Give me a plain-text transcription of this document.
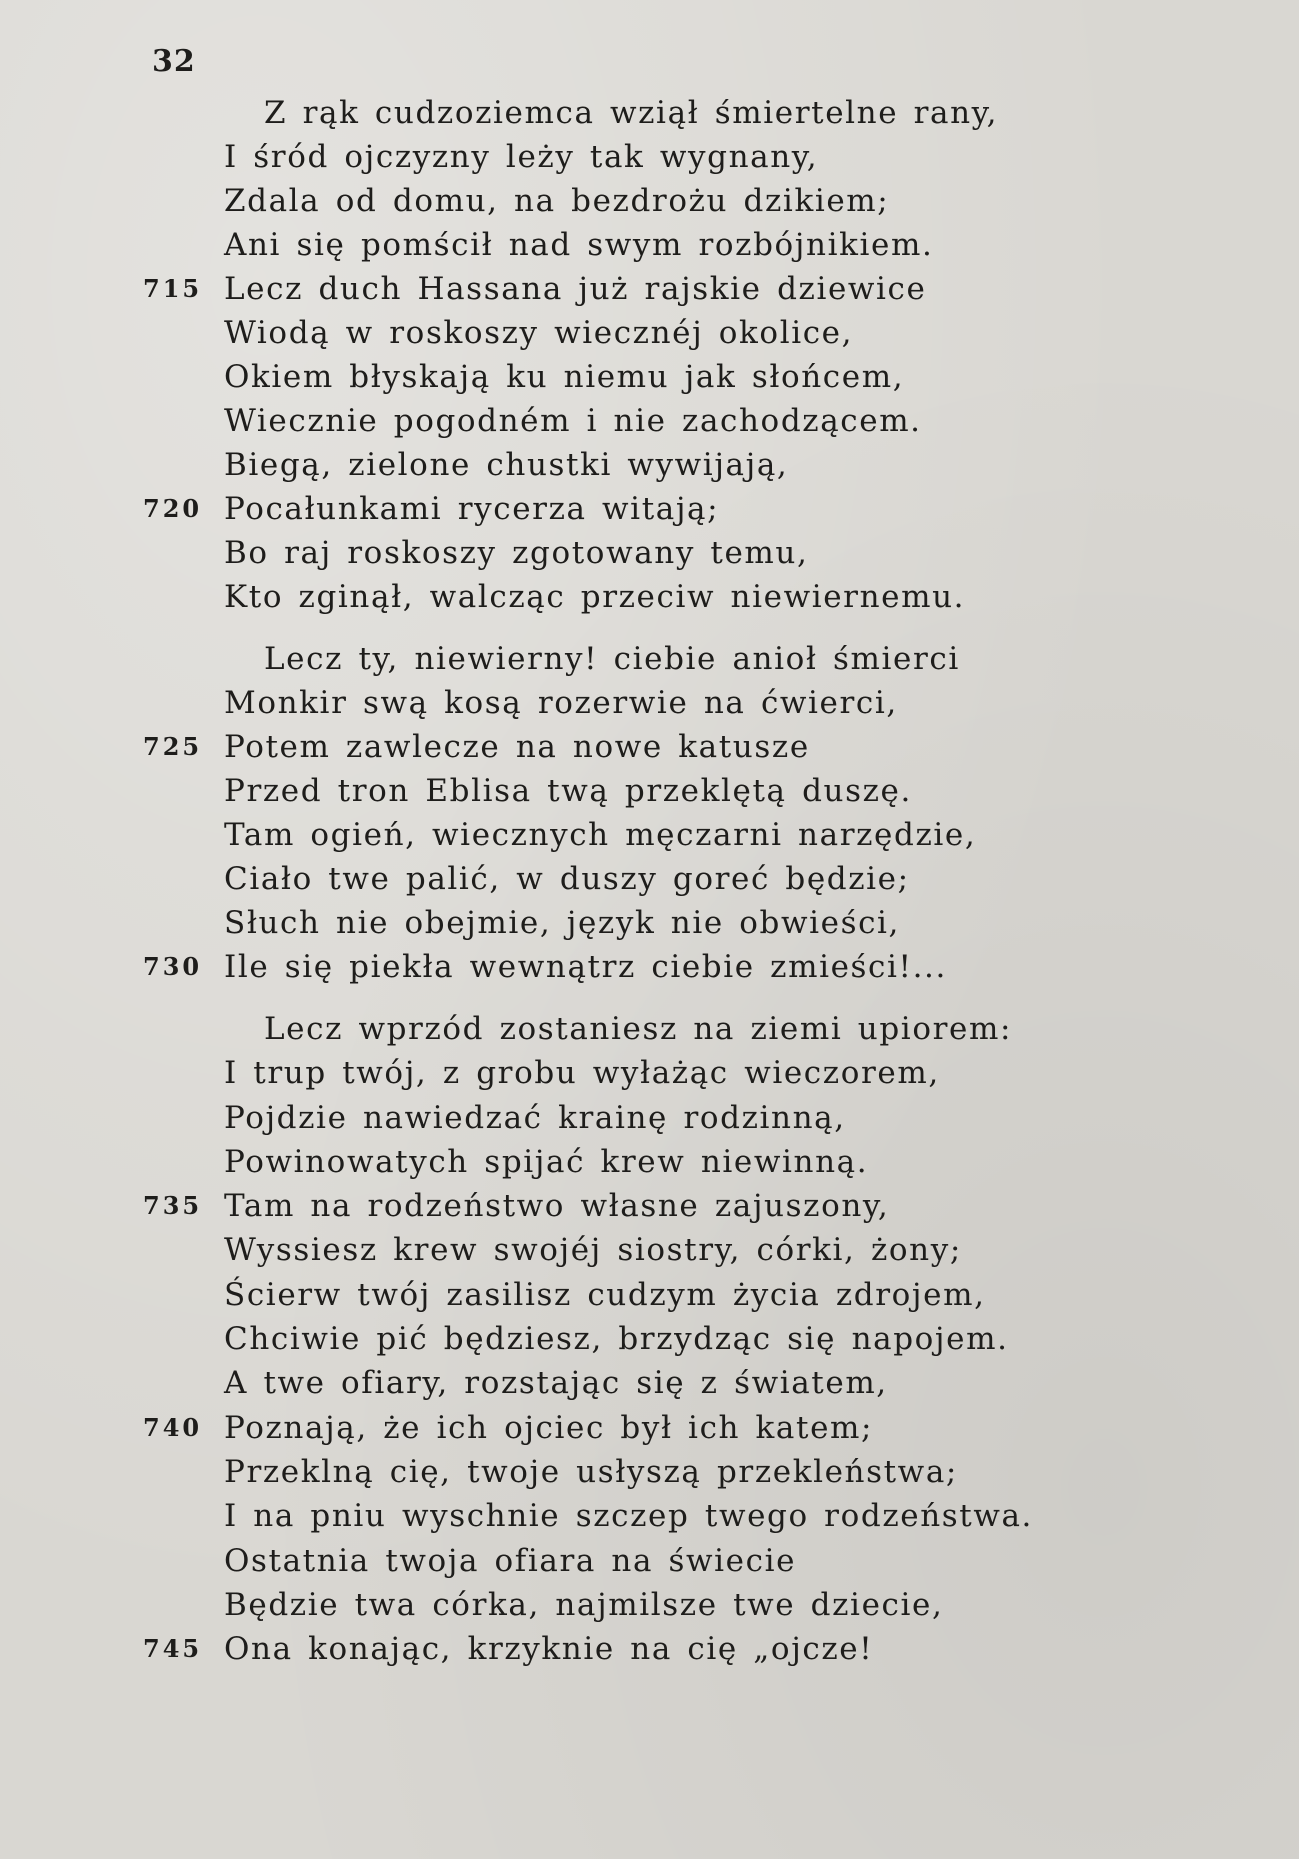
32
Z rąk cudzoziemca wziął śmiertelne rany,
I śród ojczyzny leży tak wygnany,
Zdala od domu, na bezdrożu dzikiem;
Ani się pomścił nad swym rozbójnikiem.
715 Lecz duch Hassana już rajskie dziewice
Wiodą w roskoszy wiecznéj okolice,
Okiem błyskają ku niemu jak słońcem,
Wiecznie pogodném i nie zachodzącem.
Biegą, zielone chustki wywijają,
720 Pocałunkami rycerza witają;
Bo raj roskoszy zgotowany temu,
Kto zginął, walcząc przeciw niewiernemu.
Lecz ty, niewierny! ciebie anioł śmierci
Monkir swą kosą rozerwie na ćwierci,
725 Potem zawlecze na nowe katusze
Przed tron Eblisa twą przeklętą duszę.
Tam ogień, wiecznych męczarni narzędzie,
Ciało twe palić, w duszy goreć będzie;
Słuch nie obejmie, język nie obwieści,
730 Ile się piekła wewnątrz ciebie zmieści!...
Lecz wprzód zostaniesz na ziemi upiorem:
I trup twój, z grobu wyłażąc wieczorem,
Pojdzie nawiedzać krainę rodzinną,
Powinowatych spijać krew niewinną.
735 Tam na rodzeństwo własne zajuszony,
Wyssiesz krew swojéj siostry, córki, żony;
Ścierw twój zasilisz cudzym życia zdrojem,
Chciwie pić będziesz, brzydząc się napojem.
A twe ofiary, rozstając się z światem,
740 Poznają, że ich ojciec był ich katem;
Przeklną cię, twoje usłyszą przekleństwa;
I na pniu wyschnie szczep twego rodzeństwa.
Ostatnia twoja ofiara na świecie
Będzie twa córka, najmilsze twe dziecie,
745 Ona konając, krzyknie na cię „ojcze!
